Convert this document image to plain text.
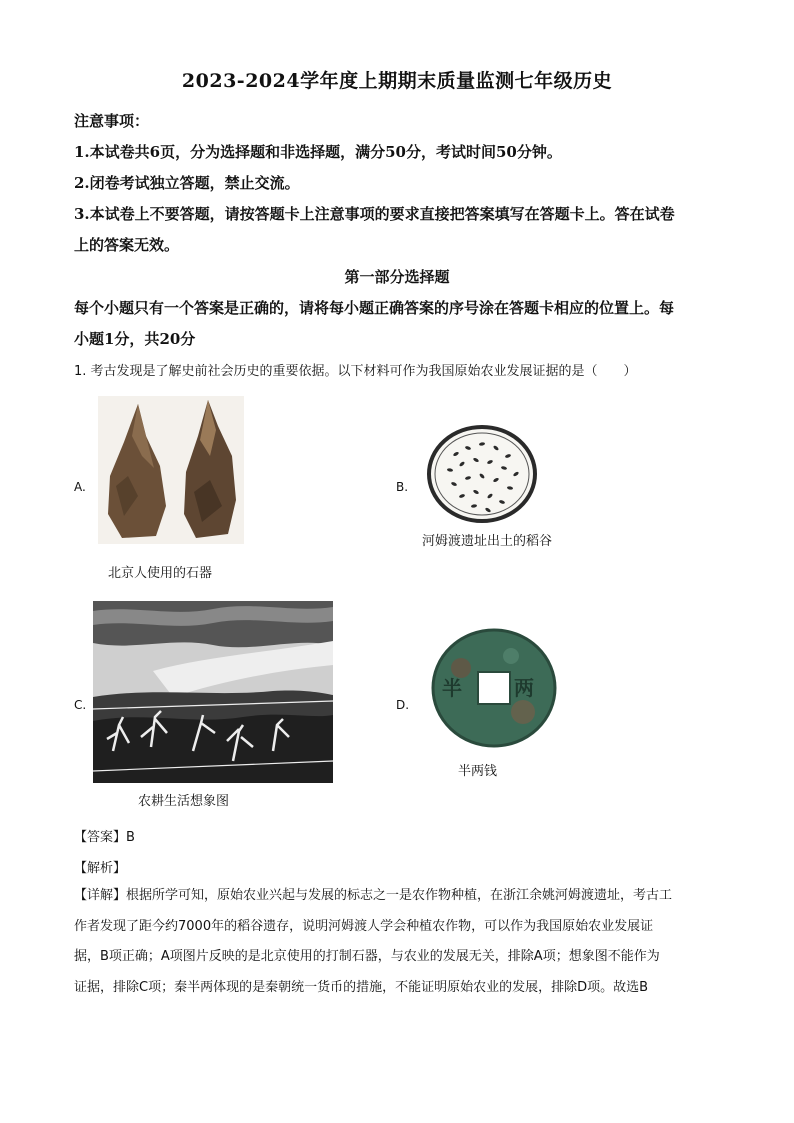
2023-2024学年度上期期末质量监测七年级历史
注意事项：
1.本试卷共6页，分为选择题和非选择题，满分50分，考试时间50分钟。
2.闭卷考试独立答题，禁止交流。
3.本试卷上不要答题，请按答题卡上注意事项的要求直接把答案填写在答题卡上。答在试卷
上的答案无效。
第一部分选择题
每个小题只有一个答案是正确的，请将每小题正确答案的序号涂在答题卡相应的位置上。每
小题1分，共20分
1. 考古发现是了解史前社会历史的重要依据。以下材料可作为我国原始农业发展证据的是（　　）
A.
北京人使用的石器
B.
河姆渡遗址出土的稻谷
C.
农耕生活想象图
D.
半	两
半两钱
【答案】B
【解析】
【详解】根据所学可知，原始农业兴起与发展的标志之一是农作物种植，在浙江余姚河姆渡遗址，考古工
作者发现了距今约7000年的稻谷遗存，说明河姆渡人学会种植农作物，可以作为我国原始农业发展证
据，B项正确；A项图片反映的是北京使用的打制石器，与农业的发展无关，排除A项；想象图不能作为
证据，排除C项；秦半两体现的是秦朝统一货币的措施，不能证明原始农业的发展，排除D项。故选B
